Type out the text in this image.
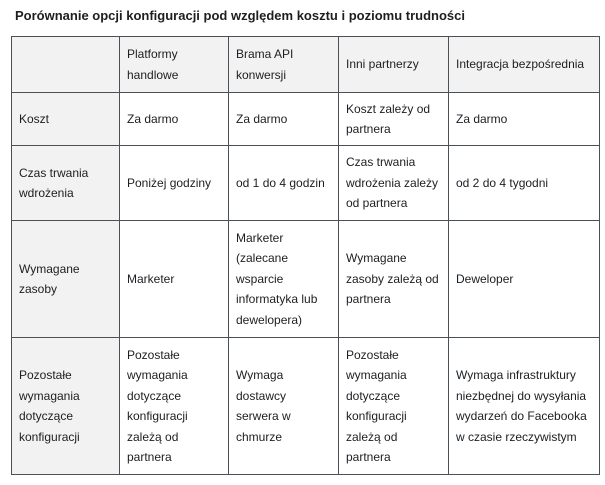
Porównanie opcji konfiguracji pod względem kosztu i poziomu trudności

	Platformy handlowe	Brama API konwersji	Inni partnerzy	Integracja bezpośrednia

Koszt	Za darmo	Za darmo	Koszt zależy od partnera	Za darmo

Czas trwania wdrożenia	Poniżej godziny	od 1 do 4 godzin	Czas trwania wdrożenia zależy od partnera	od 2 do 4 tygodni

Wymagane zasoby	Marketer	Marketer (zalecane wsparcie informatyka lub dewelopera)	Wymagane zasoby zależą od partnera	Deweloper

Pozostałe wymagania dotyczące konfiguracji	Pozostałe wymagania dotyczące konfiguracji zależą od partnera	Wymaga dostawcy serwera w chmurze	Pozostałe wymagania dotyczące konfiguracji zależą od partnera	Wymaga infrastruktury niezbędnej do wysyłania wydarzeń do Facebooka w czasie rzeczywistym
